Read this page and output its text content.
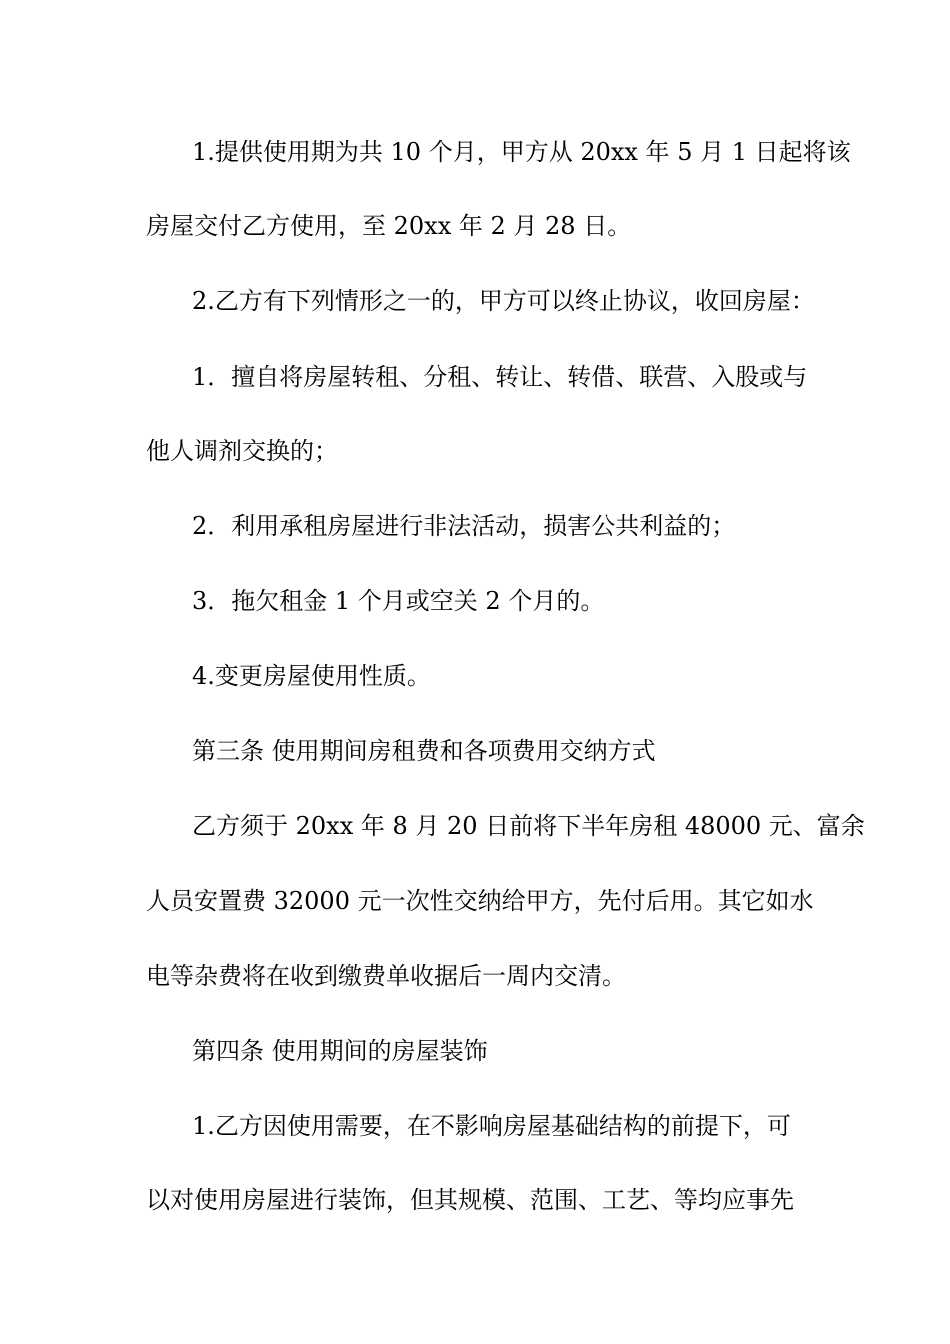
1.提供使用期为共 10 个月，甲方从 20xx 年 5 月 1 日起将该
房屋交付乙方使用，至 20xx 年 2 月 28 日。
2.乙方有下列情形之一的，甲方可以终止协议，收回房屋：
1．擅自将房屋转租、分租、转让、转借、联营、入股或与
他人调剂交换的；
2．利用承租房屋进行非法活动，损害公共利益的；
3．拖欠租金 1 个月或空关 2 个月的。
4.变更房屋使用性质。
第三条 使用期间房租费和各项费用交纳方式
乙方须于 20xx 年 8 月 20 日前将下半年房租 48000 元、富余
人员安置费 32000 元一次性交纳给甲方，先付后用。其它如水
电等杂费将在收到缴费单收据后一周内交清。
第四条 使用期间的房屋装饰
1.乙方因使用需要，在不影响房屋基础结构的前提下，可
以对使用房屋进行装饰，但其规模、范围、工艺、等均应事先
